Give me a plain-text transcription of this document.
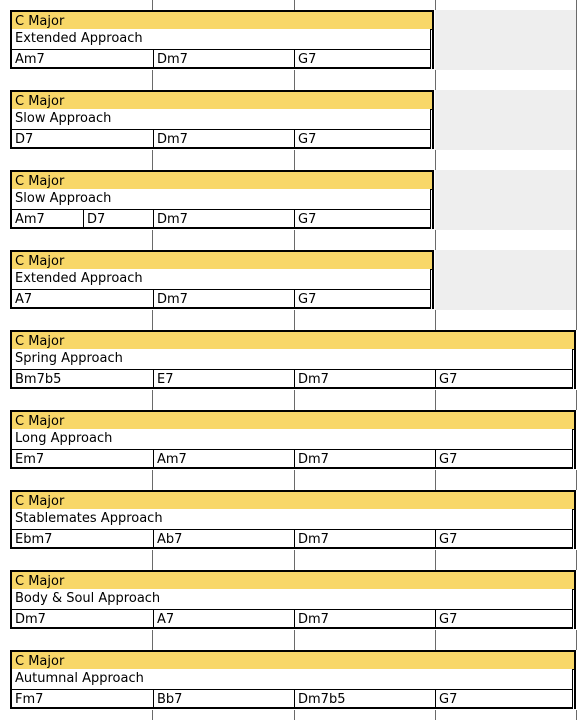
C Major
Extended Approach
Am7	Dm7	G7
C Major
Slow Approach
D7	Dm7	G7
C Major
Slow Approach
Am7	D7	Dm7	G7
C Major
Extended Approach
A7	Dm7	G7
C Major
Spring Approach
Bm7b5	E7	Dm7	G7
C Major
Long Approach
Em7	Am7	Dm7	G7
C Major
Stablemates Approach
Ebm7	Ab7	Dm7	G7
C Major
Body & Soul Approach
Dm7	A7	Dm7	G7
C Major
Autumnal Approach
Fm7	Bb7	Dm7b5	G7
